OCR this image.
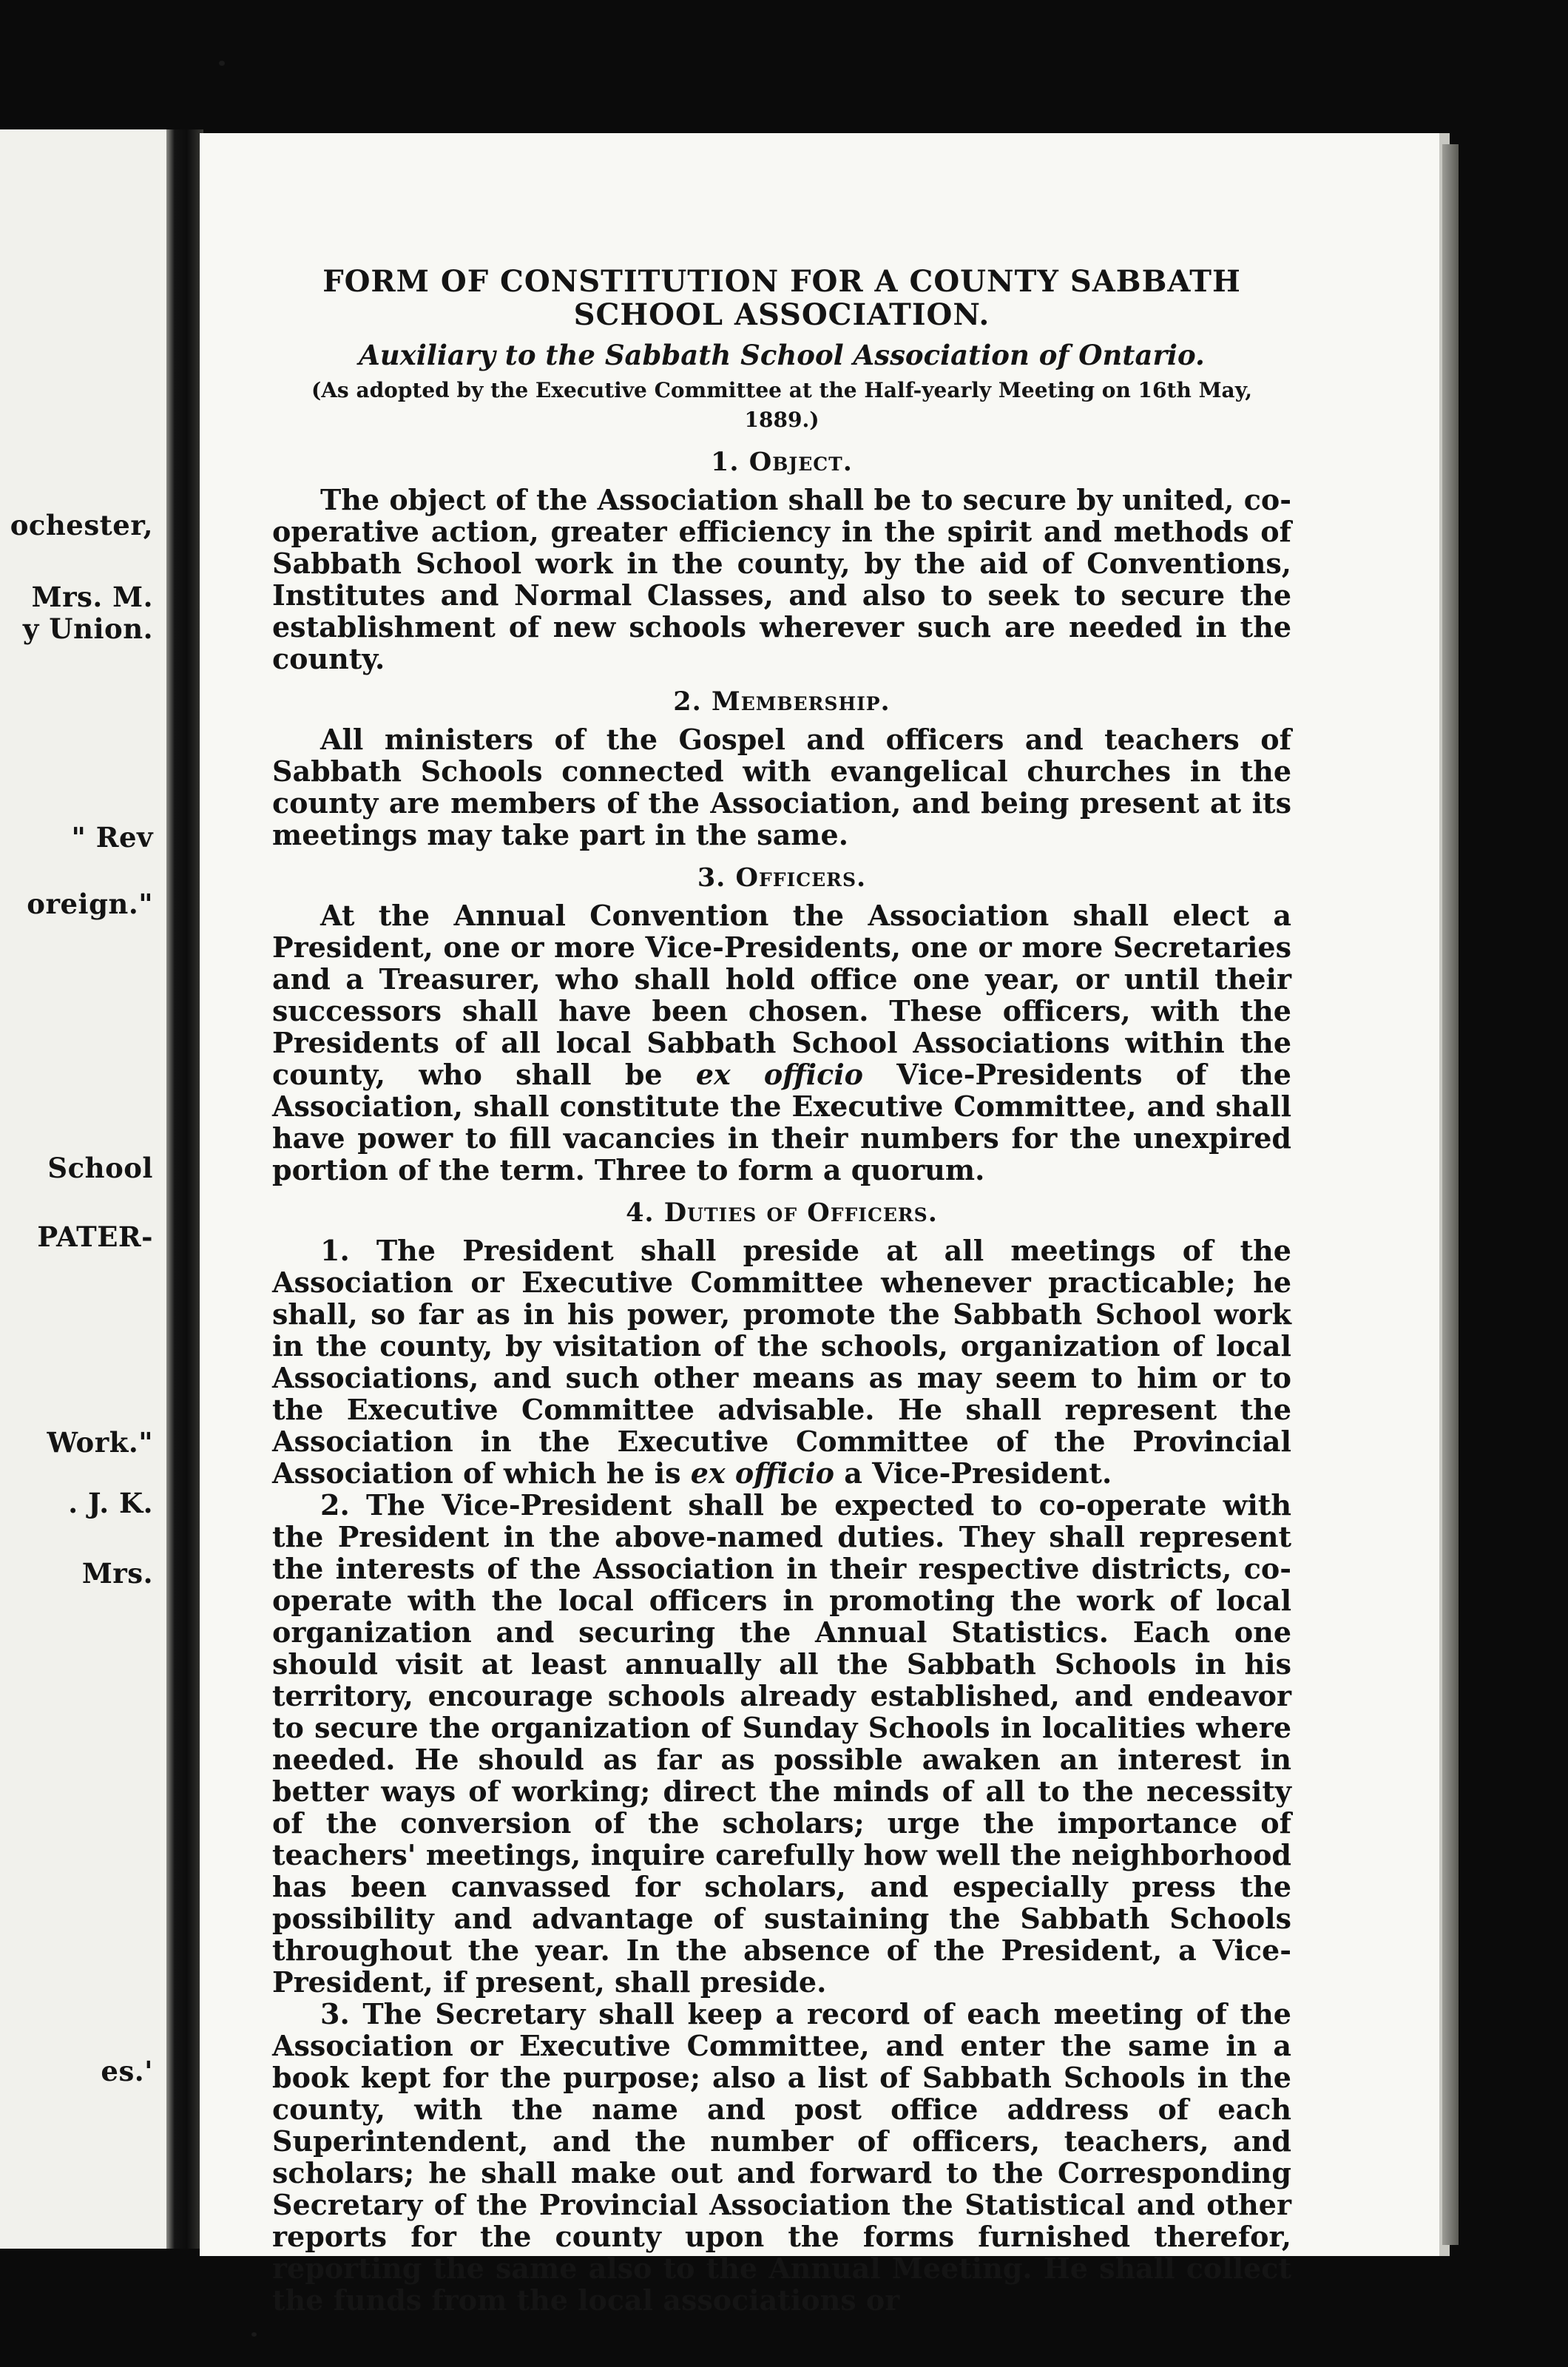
ochester,
Mrs. M.
y Union.
" Rev
oreign."
School
PATER-
Work."
. J. K.
Mrs.
es.'
FORM OF CONSTITUTION FOR A COUNTY SABBATH SCHOOL ASSOCIATION.

Auxiliary to the Sabbath School Association of Ontario.

(As adopted by the Executive Committee at the Half-yearly Meeting on 16th May, 1889.)

1. Object.

The object of the Association shall be to secure by united, co-operative action, greater efficiency in the spirit and methods of Sabbath School work in the county, by the aid of Conventions, Institutes and Normal Classes, and also to seek to secure the establishment of new schools wherever such are needed in the county.

2. Membership.

All ministers of the Gospel and officers and teachers of Sabbath Schools connected with evangelical churches in the county are members of the Association, and being present at its meetings may take part in the same.

3. Officers.

At the Annual Convention the Association shall elect a President, one or more Vice-Presidents, one or more Secretaries and a Treasurer, who shall hold office one year, or until their successors shall have been chosen. These officers, with the Presidents of all local Sabbath School Associations within the county, who shall be ex officio Vice-Presidents of the Association, shall constitute the Executive Committee, and shall have power to fill vacancies in their numbers for the unexpired portion of the term. Three to form a quorum.

4. Duties of Officers.

1. The President shall preside at all meetings of the Association or Executive Committee whenever practicable; he shall, so far as in his power, promote the Sabbath School work in the county, by visitation of the schools, organization of local Associations, and such other means as may seem to him or to the Executive Committee advisable. He shall represent the Association in the Executive Committee of the Provincial Association of which he is ex officio a Vice-President.

2. The Vice-President shall be expected to co-operate with the President in the above-named duties. They shall represent the interests of the Association in their respective districts, co-operate with the local officers in promoting the work of local organization and securing the Annual Statistics. Each one should visit at least annually all the Sabbath Schools in his territory, encourage schools already established, and endeavor to secure the organization of Sunday Schools in localities where needed. He should as far as possible awaken an interest in better ways of working; direct the minds of all to the necessity of the conversion of the scholars; urge the importance of teachers' meetings, inquire carefully how well the neighborhood has been canvassed for scholars, and especially press the possibility and advantage of sustaining the Sabbath Schools throughout the year. In the absence of the President, a Vice-President, if present, shall preside.

3. The Secretary shall keep a record of each meeting of the Association or Executive Committee, and enter the same in a book kept for the purpose; also a list of Sabbath Schools in the county, with the name and post office address of each Superintendent, and the number of officers, teachers, and scholars; he shall make out and forward to the Corresponding Secretary of the Provincial Association the Statistical and other reports for the county upon the forms furnished therefor, reporting the same also to the Annual Meeting. He shall collect the funds from the local associations or
